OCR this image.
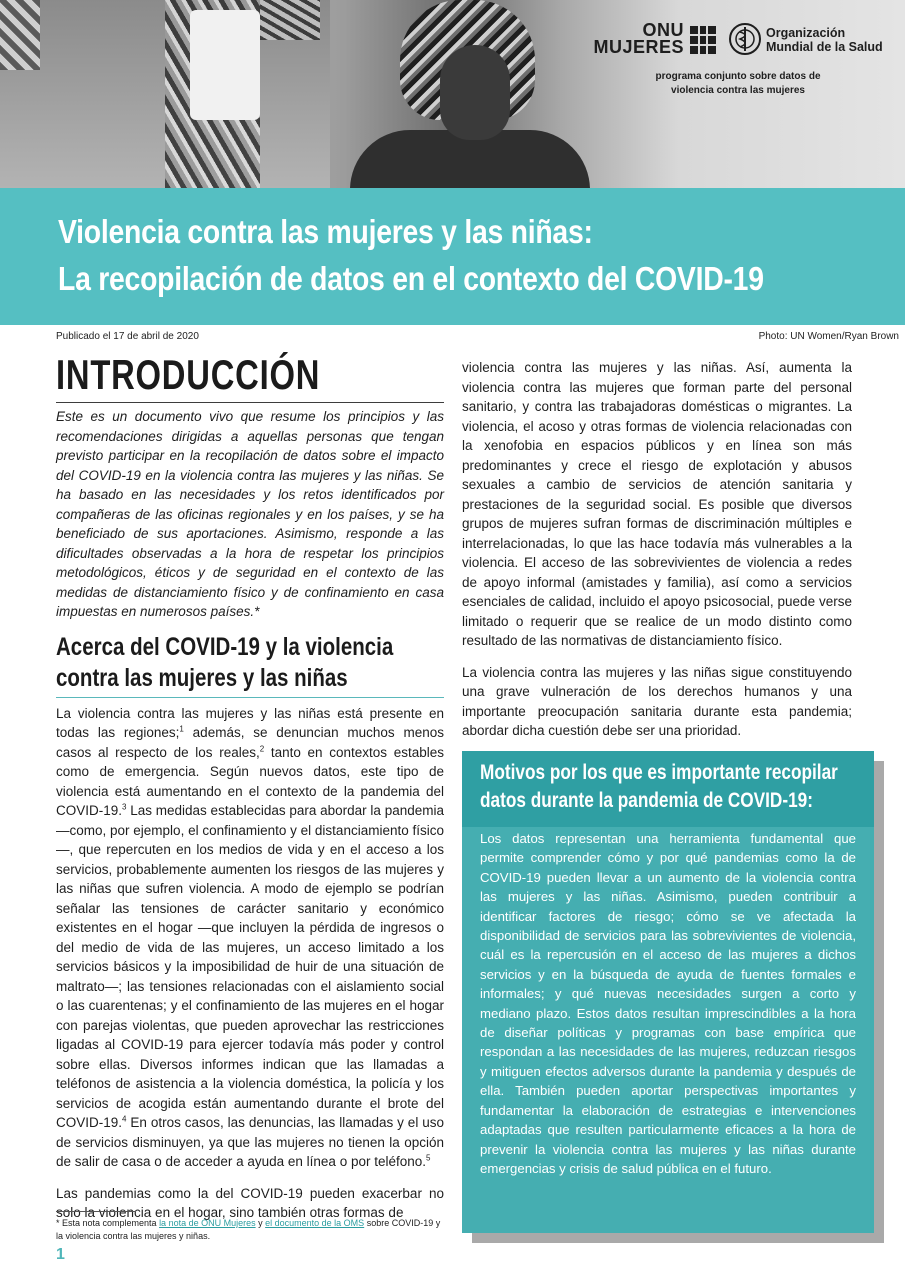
ONU
MUJERES
Organización
Mundial de la Salud
programa conjunto sobre datos de
violencia contra las mujeres
Violencia contra las mujeres y las niñas:
La recopilación de datos en el contexto del COVID-19
Publicado el 17 de abril de 2020	Photo: UN Women/Ryan Brown
INTRODUCCIÓN

Este es un documento vivo que resume los principios y las recomendaciones dirigidas a aquellas personas que tengan previsto participar en la recopilación de datos sobre el impacto del COVID-19 en la violencia contra las mujeres y las niñas. Se ha basado en las necesidades y los retos identificados por compañeras de las oficinas regionales y en los países, y se ha beneficiado de sus aportaciones. Asimismo, responde a las dificultades observadas a la hora de respetar los principios metodológicos, éticos y de seguridad en el contexto de las medidas de distanciamiento físico y de confinamiento en casa impuestas en numerosos países.*

Acerca del COVID-19 y la violencia
contra las mujeres y las niñas

La violencia contra las mujeres y las niñas está presente en todas las regiones;$^1$ además, se denuncian muchos menos casos al respecto de los reales,$^2$ tanto en contextos estables como de emergencia. Según nuevos datos, este tipo de violencia está aumentando en el contexto de la pandemia del COVID-19.$^3$ Las medidas establecidas para abordar la pandemia —como, por ejemplo, el confinamiento y el distanciamiento físico—, que repercuten en los medios de vida y en el acceso a los servicios, probablemente aumenten los riesgos de las mujeres y las niñas que sufren violencia. A modo de ejemplo se podrían señalar las tensiones de carácter sanitario y económico existentes en el hogar —que incluyen la pérdida de ingresos o del medio de vida de las mujeres, un acceso limitado a los servicios básicos y la imposibilidad de huir de una situación de maltrato—; las tensiones relacionadas con el aislamiento social o las cuarentenas; y el confinamiento de las mujeres en el hogar con parejas violentas, que pueden aprovechar las restricciones ligadas al COVID-19 para ejercer todavía más poder y control sobre ellas. Diversos informes indican que las llamadas a teléfonos de asistencia a la violencia doméstica, la policía y los servicios de acogida están aumentando durante el brote del COVID-19.$^4$ En otros casos, las denuncias, las llamadas y el uso de servicios disminuyen, ya que las mujeres no tienen la opción de salir de casa o de acceder a ayuda en línea o por teléfono.$^5$

Las pandemias como la del COVID-19 pueden exacerbar no solo la violencia en el hogar, sino también otras formas de

* Esta nota complementa la nota de ONU Mujeres y el documento de la OMS sobre COVID-19 y la violencia contra las mujeres y niñas.
1

violencia contra las mujeres y las niñas. Así, aumenta la violencia contra las mujeres que forman parte del personal sanitario, y contra las trabajadoras domésticas o migrantes. La violencia, el acoso y otras formas de violencia relacionadas con la xenofobia en espacios públicos y en línea son más predominantes y crece el riesgo de explotación y abusos sexuales a cambio de servicios de atención sanitaria y prestaciones de la seguridad social. Es posible que diversos grupos de mujeres sufran formas de discriminación múltiples e interrelacionadas, lo que las hace todavía más vulnerables a la violencia. El acceso de las sobrevivientes de violencia a redes de apoyo informal (amistades y familia), así como a servicios esenciales de calidad, incluido el apoyo psicosocial, puede verse limitado o requerir que se realice de un modo distinto como resultado de las normativas de distanciamiento físico.

La violencia contra las mujeres y las niñas sigue constituyendo una grave vulneración de los derechos humanos y una importante preocupación sanitaria durante esta pandemia; abordar dicha cuestión debe ser una prioridad.

Motivos por los que es importante recopilar
datos durante la pandemia de COVID-19:

Los datos representan una herramienta fundamental que permite comprender cómo y por qué pandemias como la de COVID-19 pueden llevar a un aumento de la violencia contra las mujeres y las niñas. Asimismo, pueden contribuir a identificar factores de riesgo; cómo se ve afectada la disponibilidad de servicios para las sobrevivientes de violencia, cuál es la repercusión en el acceso de las mujeres a dichos servicios y en la búsqueda de ayuda de fuentes formales e informales; y qué nuevas necesidades surgen a corto y mediano plazo. Estos datos resultan imprescindibles a la hora de diseñar políticas y programas con base empírica que respondan a las necesidades de las mujeres, reduzcan riesgos y mitiguen efectos adversos durante la pandemia y después de ella. También pueden aportar perspectivas importantes y fundamentar la elaboración de estrategias e intervenciones adaptadas que resulten particularmente eficaces a la hora de prevenir la violencia contra las mujeres y las niñas durante emergencias y crisis de salud pública en el futuro.
